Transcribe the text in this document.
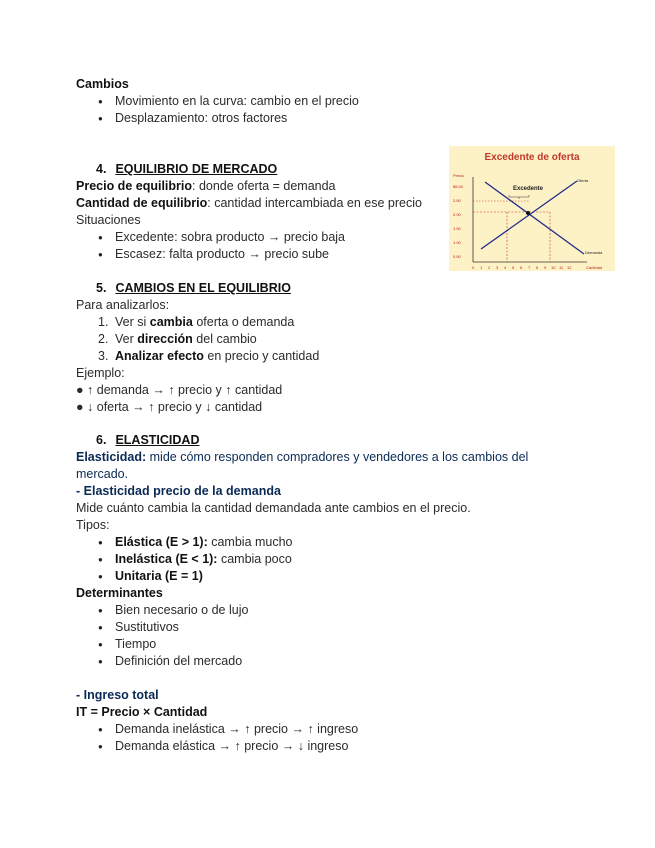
Cambios
● Movimiento en la curva: cambio en el precio
● Desplazamiento: otros factores
4. EQUILIBRIO DE MERCADO
Precio de equilibrio: donde oferta = demanda
Cantidad de equilibrio: cantidad intercambiada en ese precio
Situaciones
● Excedente: sobra producto → precio baja
● Escasez: falta producto → precio sube
5. CAMBIOS EN EL EQUILIBRIO
Para analizarlos:
1. Ver si cambia oferta o demanda
2. Ver dirección del cambio
3. Analizar efecto en precio y cantidad
Ejemplo:
● ↑ demanda → ↑ precio y ↑ cantidad
● ↓ oferta → ↑ precio y ↓ cantidad
6. ELASTICIDAD
Elasticidad: mide cómo responden compradores y vendedores a los cambios del mercado.
- Elasticidad precio de la demanda
Mide cuánto cambia la cantidad demandada ante cambios en el precio.
Tipos:
● Elástica (E > 1): cambia mucho
● Inelástica (E < 1): cambia poco
● Unitaria (E = 1)
Determinantes
● Bien necesario o de lujo
● Sustitutivos
● Tiempo
● Definición del mercado
- Ingreso total
IT = Precio × Cantidad
● Demanda inelástica → ↑ precio → ↑ ingreso
● Demanda elástica → ↑ precio → ↓ ingreso
Excedente de oferta
Precio
$5.00
2.50
2.00
1.50
1.00
0.50
0 1 2 3 4 5 6 7 8 9 10 11 12	Cantidad
Excedente
Oferta
Demanda
